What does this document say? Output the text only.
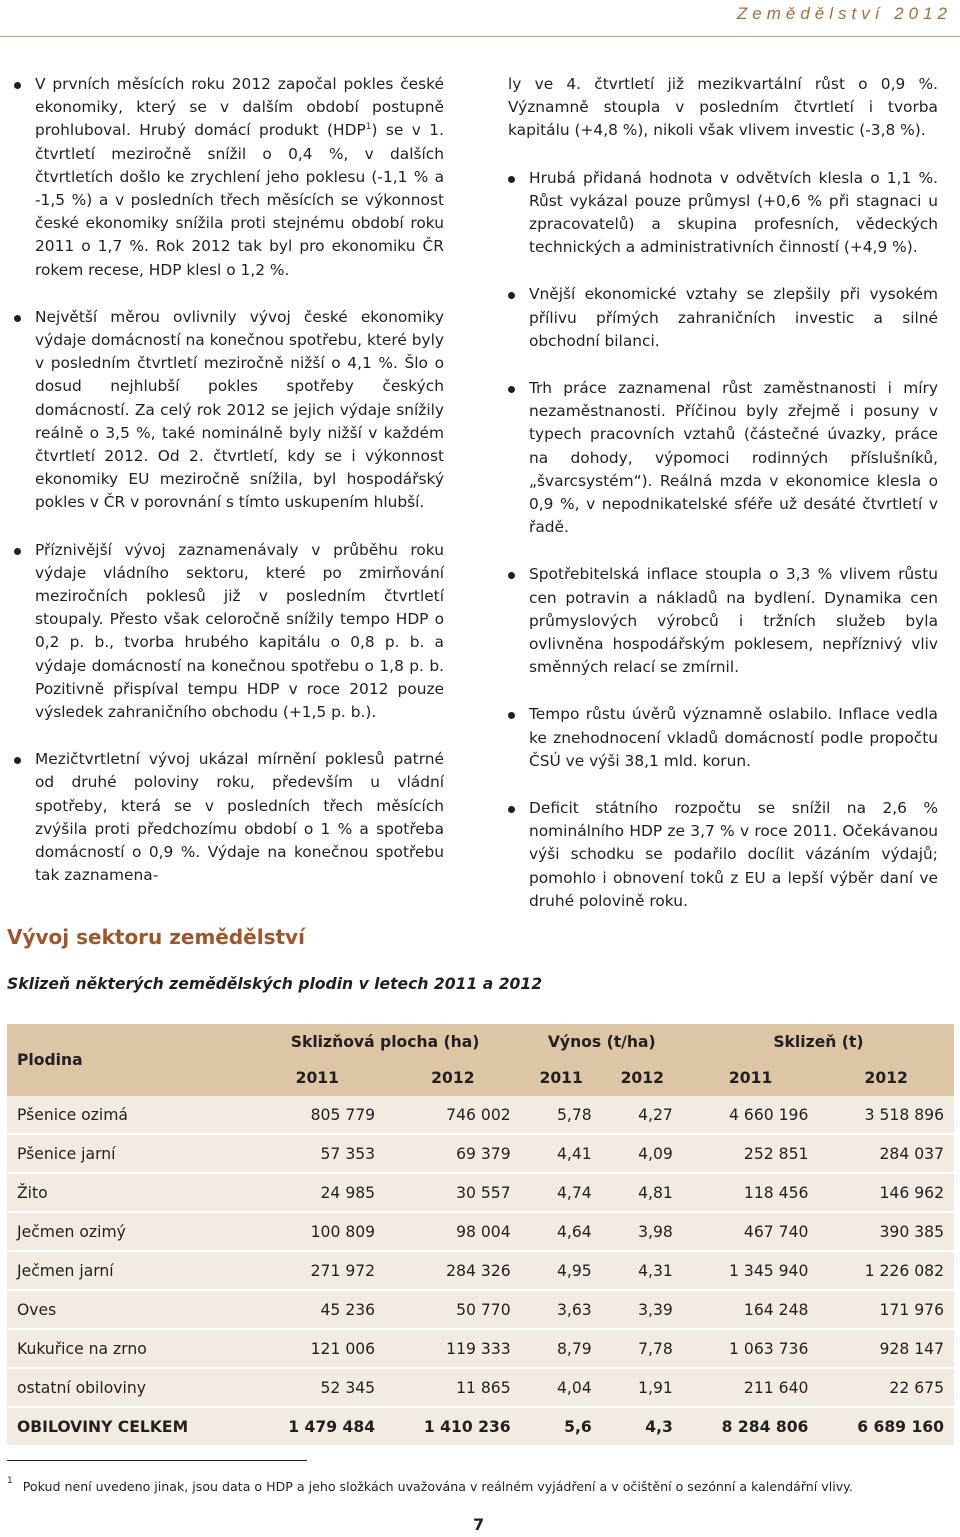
Zemědělství 2012
V prvních měsících roku 2012 započal pokles české ekonomiky, který se v dalším období postupně prohluboval. Hrubý domácí produkt (HDP$^1$) se v 1. čtvrtletí meziročně snížil o 0,4 %, v dalších čtvrtletích došlo ke zrychlení jeho poklesu (-1,1 % a -1,5 %) a v posledních třech měsících se výkonnost české ekonomiky snížila proti stejnému období roku 2011 o 1,7 %. Rok 2012 tak byl pro ekonomiku ČR rokem recese, HDP klesl o 1,2 %.
Největší měrou ovlivnily vývoj české ekonomiky výdaje domácností na konečnou spotřebu, které byly v posledním čtvrtletí meziročně nižší o 4,1 %. Šlo o dosud nejhlubší pokles spotřeby českých domácností. Za celý rok 2012 se jejich výdaje snížily reálně o 3,5 %, také nominálně byly nižší v každém čtvrtletí 2012. Od 2. čtvrtletí, kdy se i výkonnost ekonomiky EU meziročně snížila, byl hospodářský pokles v ČR v porovnání s tímto uskupením hlubší.
Příznivější vývoj zaznamenávaly v průběhu roku výdaje vládního sektoru, které po zmirňování meziročních poklesů již v posledním čtvrtletí stoupaly. Přesto však celoročně snížily tempo HDP o 0,2 p. b., tvorba hrubého kapitálu o 0,8 p. b. a výdaje domácností na konečnou spotřebu o 1,8 p. b. Pozitivně přispíval tempu HDP v roce 2012 pouze výsledek zahraničního obchodu (+1,5 p. b.).
Mezičtvrtletní vývoj ukázal mírnění poklesů patrné od druhé poloviny roku, především u vládní spotřeby, která se v posledních třech měsících zvýšila proti předchozímu období o 1 % a spotřeba domácností o 0,9 %. Výdaje na konečnou spotřebu tak zaznamena-
ly ve 4. čtvrtletí již mezikvartální růst o 0,9 %. Významně stoupla v posledním čtvrtletí i tvorba kapitálu (+4,8 %), nikoli však vlivem investic (-3,8 %).
Hrubá přidaná hodnota v odvětvích klesla o 1,1 %. Růst vykázal pouze průmysl (+0,6 % při stagnaci u zpracovatelů) a skupina profesních, vědeckých technických a administrativních činností (+4,9 %).
Vnější ekonomické vztahy se zlepšily při vysokém přílivu přímých zahraničních investic a silné obchodní bilanci.
Trh práce zaznamenal růst zaměstnanosti i míry nezaměstnanosti. Příčinou byly zřejmě i posuny v typech pracovních vztahů (částečné úvazky, práce na dohody, výpomoci rodinných příslušníků, „švarcsystém“). Reálná mzda v ekonomice klesla o 0,9 %, v nepodnikatelské sféře už desáté čtvrtletí v řadě.
Spotřebitelská inflace stoupla o 3,3 % vlivem růstu cen potravin a nákladů na bydlení. Dynamika cen průmyslových výrobců i tržních služeb byla ovlivněna hospodářským poklesem, nepříznivý vliv směnných relací se zmírnil.
Tempo růstu úvěrů významně oslabilo. Inflace vedla ke znehodnocení vkladů domácností podle propočtu ČSÚ ve výši 38,1 mld. korun.
Deficit státního rozpočtu se snížil na 2,6 % nominálního HDP ze 3,7 % v roce 2011. Očekávanou výši schodku se podařilo docílit vázáním výdajů; pomohlo i obnovení toků z EU a lepší výběr daní ve druhé polovině roku.
Vývoj sektoru zemědělství
Sklizeň některých zemědělských plodin v letech 2011 a 2012
Plodina	Sklizňová plocha (ha)		Výnos (t/ha)		Sklizeň (t)	
	2011	2012	2011	2012	2011	2012
Pšenice ozimá	805 779	746 002	5,78	4,27	4 660 196	3 518 896
Pšenice jarní	57 353	69 379	4,41	4,09	252 851	284 037
Žito	24 985	30 557	4,74	4,81	118 456	146 962
Ječmen ozimý	100 809	98 004	4,64	3,98	467 740	390 385
Ječmen jarní	271 972	284 326	4,95	4,31	1 345 940	1 226 082
Oves	45 236	50 770	3,63	3,39	164 248	171 976
Kukuřice na zrno	121 006	119 333	8,79	7,78	1 063 736	928 147
ostatní obiloviny	52 345	11 865	4,04	1,91	211 640	22 675
OBILOVINY CELKEM	1 479 484	1 410 236	5,6	4,3	8 284 806	6 689 160
$^1$ Pokud není uvedeno jinak, jsou data o HDP a jeho složkách uvažována v reálném vyjádření a v očištění o sezónní a kalendářní vlivy.
7
